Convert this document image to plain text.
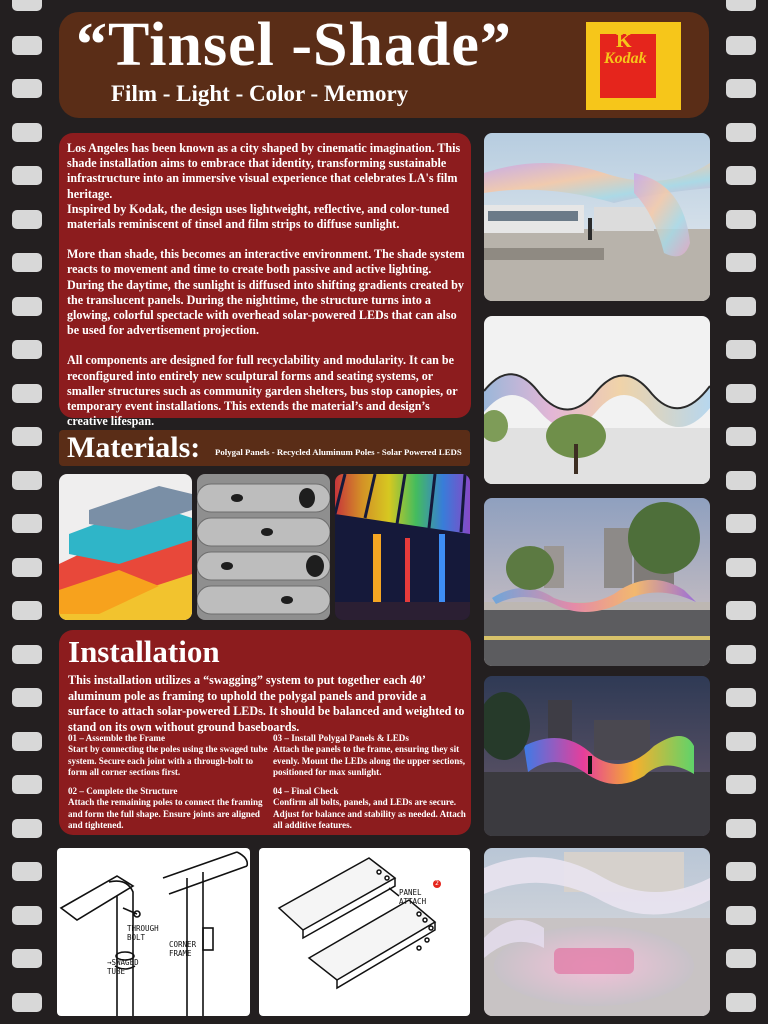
“Tinsel -Shade”
Film - Light - Color - Memory
K
Kodak

Los Angeles has been known as a city shaped by cinematic imagination. This shade installation aims to embrace that identity, transforming sustainable infrastructure into an immersive visual experience that celebrates LA's film heritage.

Inspired by Kodak, the design uses lightweight, reflective, and color-tuned materials reminiscent of tinsel and film strips to diffuse sunlight.

More than shade, this becomes an interactive environment. The shade system reacts to movement and time to create both passive and active lighting. During the daytime, the sunlight is diffused into shifting gradients created by the translucent panels. During the nighttime, the structure turns into a glowing, colorful spectacle with overhead solar-powered LEDs that can also be used for advertisement projection.

All components are designed for full recyclability and modularity. It can be reconfigured into entirely new sculptural forms and seating systems, or smaller structures such as community garden shelters, bus stop canopies, or temporary event installations. This extends the material’s and design’s creative lifespan.

Materials: Polygal Panels - Recycled Aluminum Poles - Solar Powered LEDS
Installation
This installation utilizes a “swagging” system to put together each 40’ aluminum pole as framing to uphold the polygal panels and provide a surface to attach solar-powered LEDs. It should be balanced and weighted to stand on its own without ground baseboards.
01 – Assemble the Frame
Start by connecting the poles using the swaged tube system. Secure each joint with a through-bolt to form all corner sections first.
02 – Complete the Structure
Attach the remaining poles to connect the framing and form the full shape. Ensure joints are aligned and tightened.
03 – Install Polygal Panels & LEDs
Attach the panels to the frame, ensuring they sit evenly. Mount the LEDs along the upper sections, positioned for max sunlight.
04 – Final Check
Confirm all bolts, panels, and LEDs are secure. Adjust for balance and stability as needed. Attach all additive features.
THROUGH
BOLT
→SWAGED
TUBE
CORNER
FRAME
PANEL
ATTACH
2
